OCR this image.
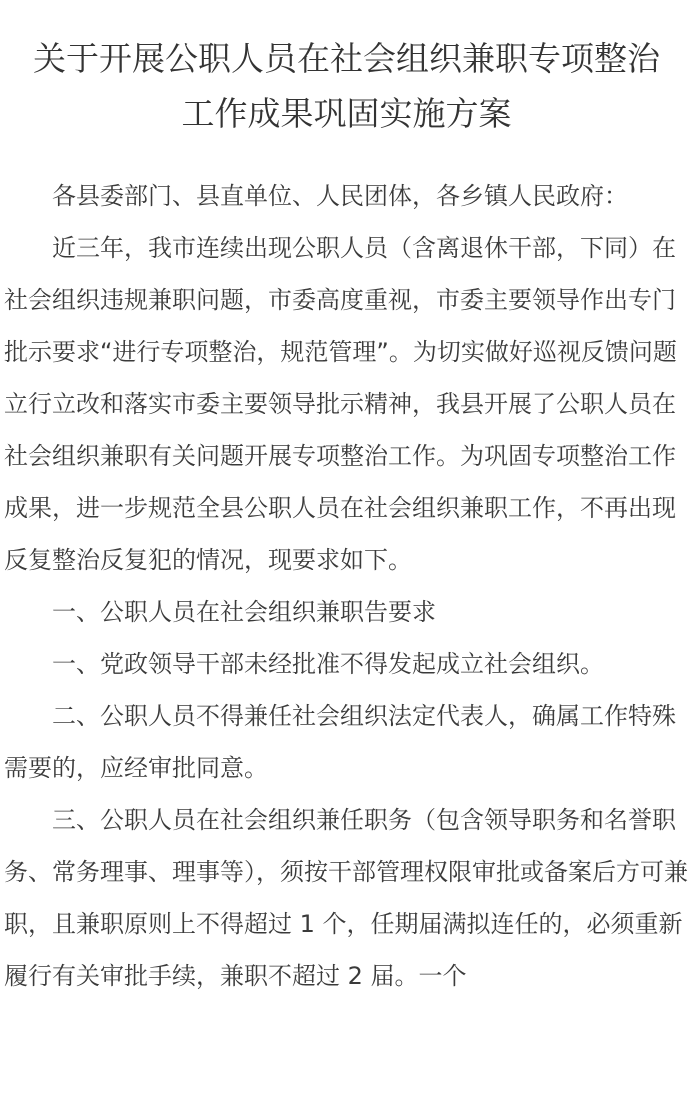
关于开展公职人员在社会组织兼职专项整治
工作成果巩固实施方案

各县委部门、县直单位、人民团体，各乡镇人民政府：

近三年，我市连续出现公职人员（含离退休干部，下同）在社会组织违规兼职问题，市委高度重视，市委主要领导作出专门批示要求“进行专项整治，规范管理”。为切实做好巡视反馈问题立行立改和落实市委主要领导批示精神，我县开展了公职人员在社会组织兼职有关问题开展专项整治工作。为巩固专项整治工作成果，进一步规范全县公职人员在社会组织兼职工作，不再出现反复整治反复犯的情况，现要求如下。

一、公职人员在社会组织兼职告要求

一、党政领导干部未经批准不得发起成立社会组织。

二、公职人员不得兼任社会组织法定代表人，确属工作特殊需要的，应经审批同意。

三、公职人员在社会组织兼任职务（包含领导职务和名誉职务、常务理事、理事等），须按干部管理权限审批或备案后方可兼职，且兼职原则上不得超过 1 个，任期届满拟连任的，必须重新履行有关审批手续，兼职不超过 2 届。一个
